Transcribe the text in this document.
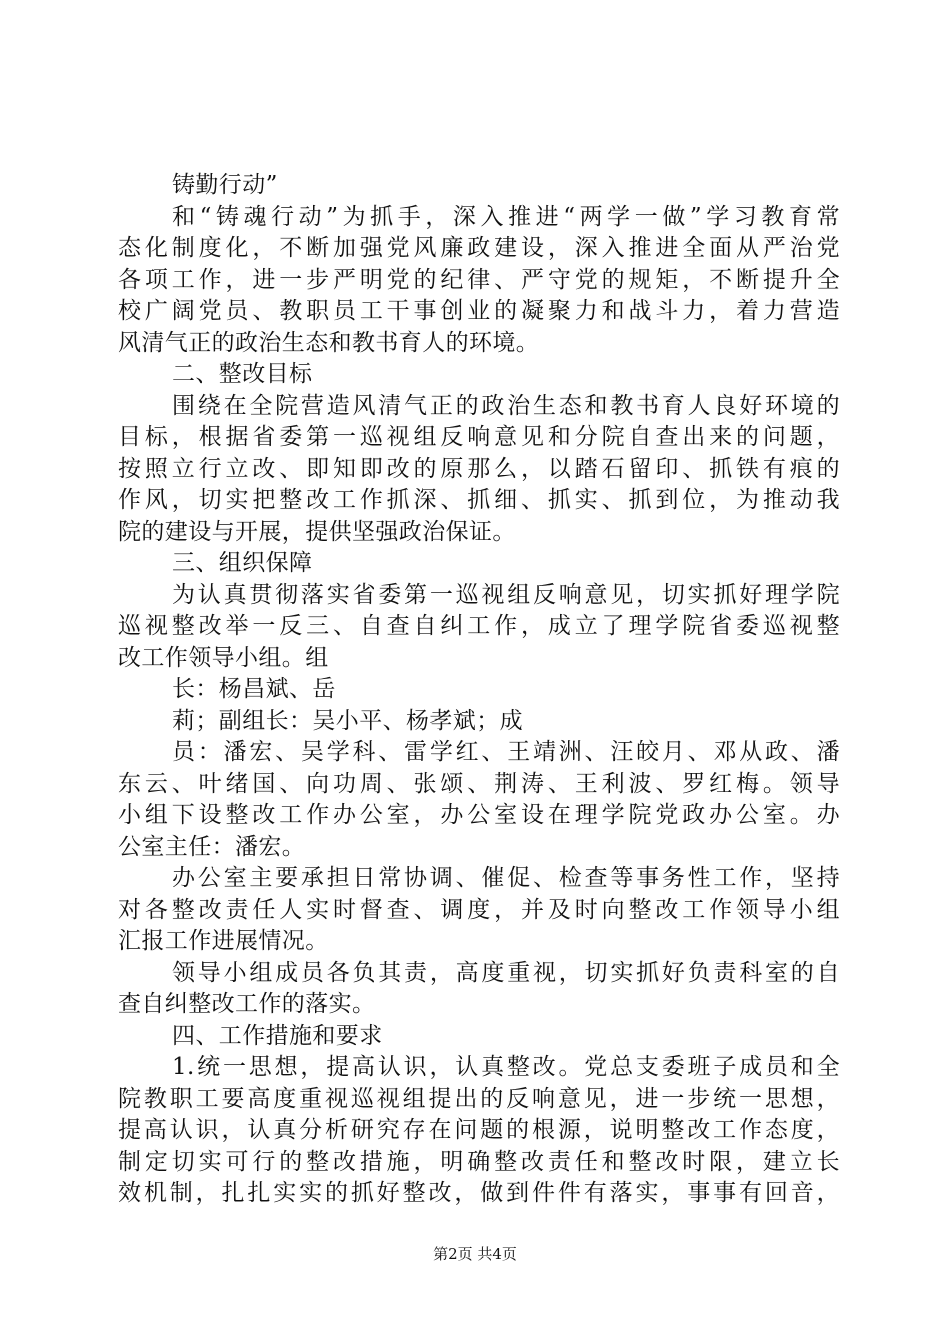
铸勤行动”
和“铸魂行动”为抓手，深入推进“两学一做”学习教育常
态化制度化，不断加强党风廉政建设，深入推进全面从严治党
各项工作，进一步严明党的纪律、严守党的规矩，不断提升全
校广阔党员、教职员工干事创业的凝聚力和战斗力，着力营造
风清气正的政治生态和教书育人的环境。
二、整改目标
围绕在全院营造风清气正的政治生态和教书育人良好环境的
目标，根据省委第一巡视组反响意见和分院自查出来的问题，
按照立行立改、即知即改的原那么，以踏石留印、抓铁有痕的
作风，切实把整改工作抓深、抓细、抓实、抓到位，为推动我
院的建设与开展，提供坚强政治保证。
三、组织保障
为认真贯彻落实省委第一巡视组反响意见，切实抓好理学院
巡视整改举一反三、自查自纠工作，成立了理学院省委巡视整
改工作领导小组。组
长：杨昌斌、岳
莉；副组长：吴小平、杨孝斌；成
员：潘宏、吴学科、雷学红、王靖洲、汪皎月、邓从政、潘
东云、叶绪国、向功周、张颂、荆涛、王利波、罗红梅。领导
小组下设整改工作办公室，办公室设在理学院党政办公室。办
公室主任：潘宏。
办公室主要承担日常协调、催促、检查等事务性工作，坚持
对各整改责任人实时督查、调度，并及时向整改工作领导小组
汇报工作进展情况。
领导小组成员各负其责，高度重视，切实抓好负责科室的自
查自纠整改工作的落实。
四、工作措施和要求
1.统一思想，提高认识，认真整改。党总支委班子成员和全
院教职工要高度重视巡视组提出的反响意见，进一步统一思想，
提高认识，认真分析研究存在问题的根源，说明整改工作态度，
制定切实可行的整改措施，明确整改责任和整改时限，建立长
效机制，扎扎实实的抓好整改，做到件件有落实，事事有回音，
第2页 共4页
